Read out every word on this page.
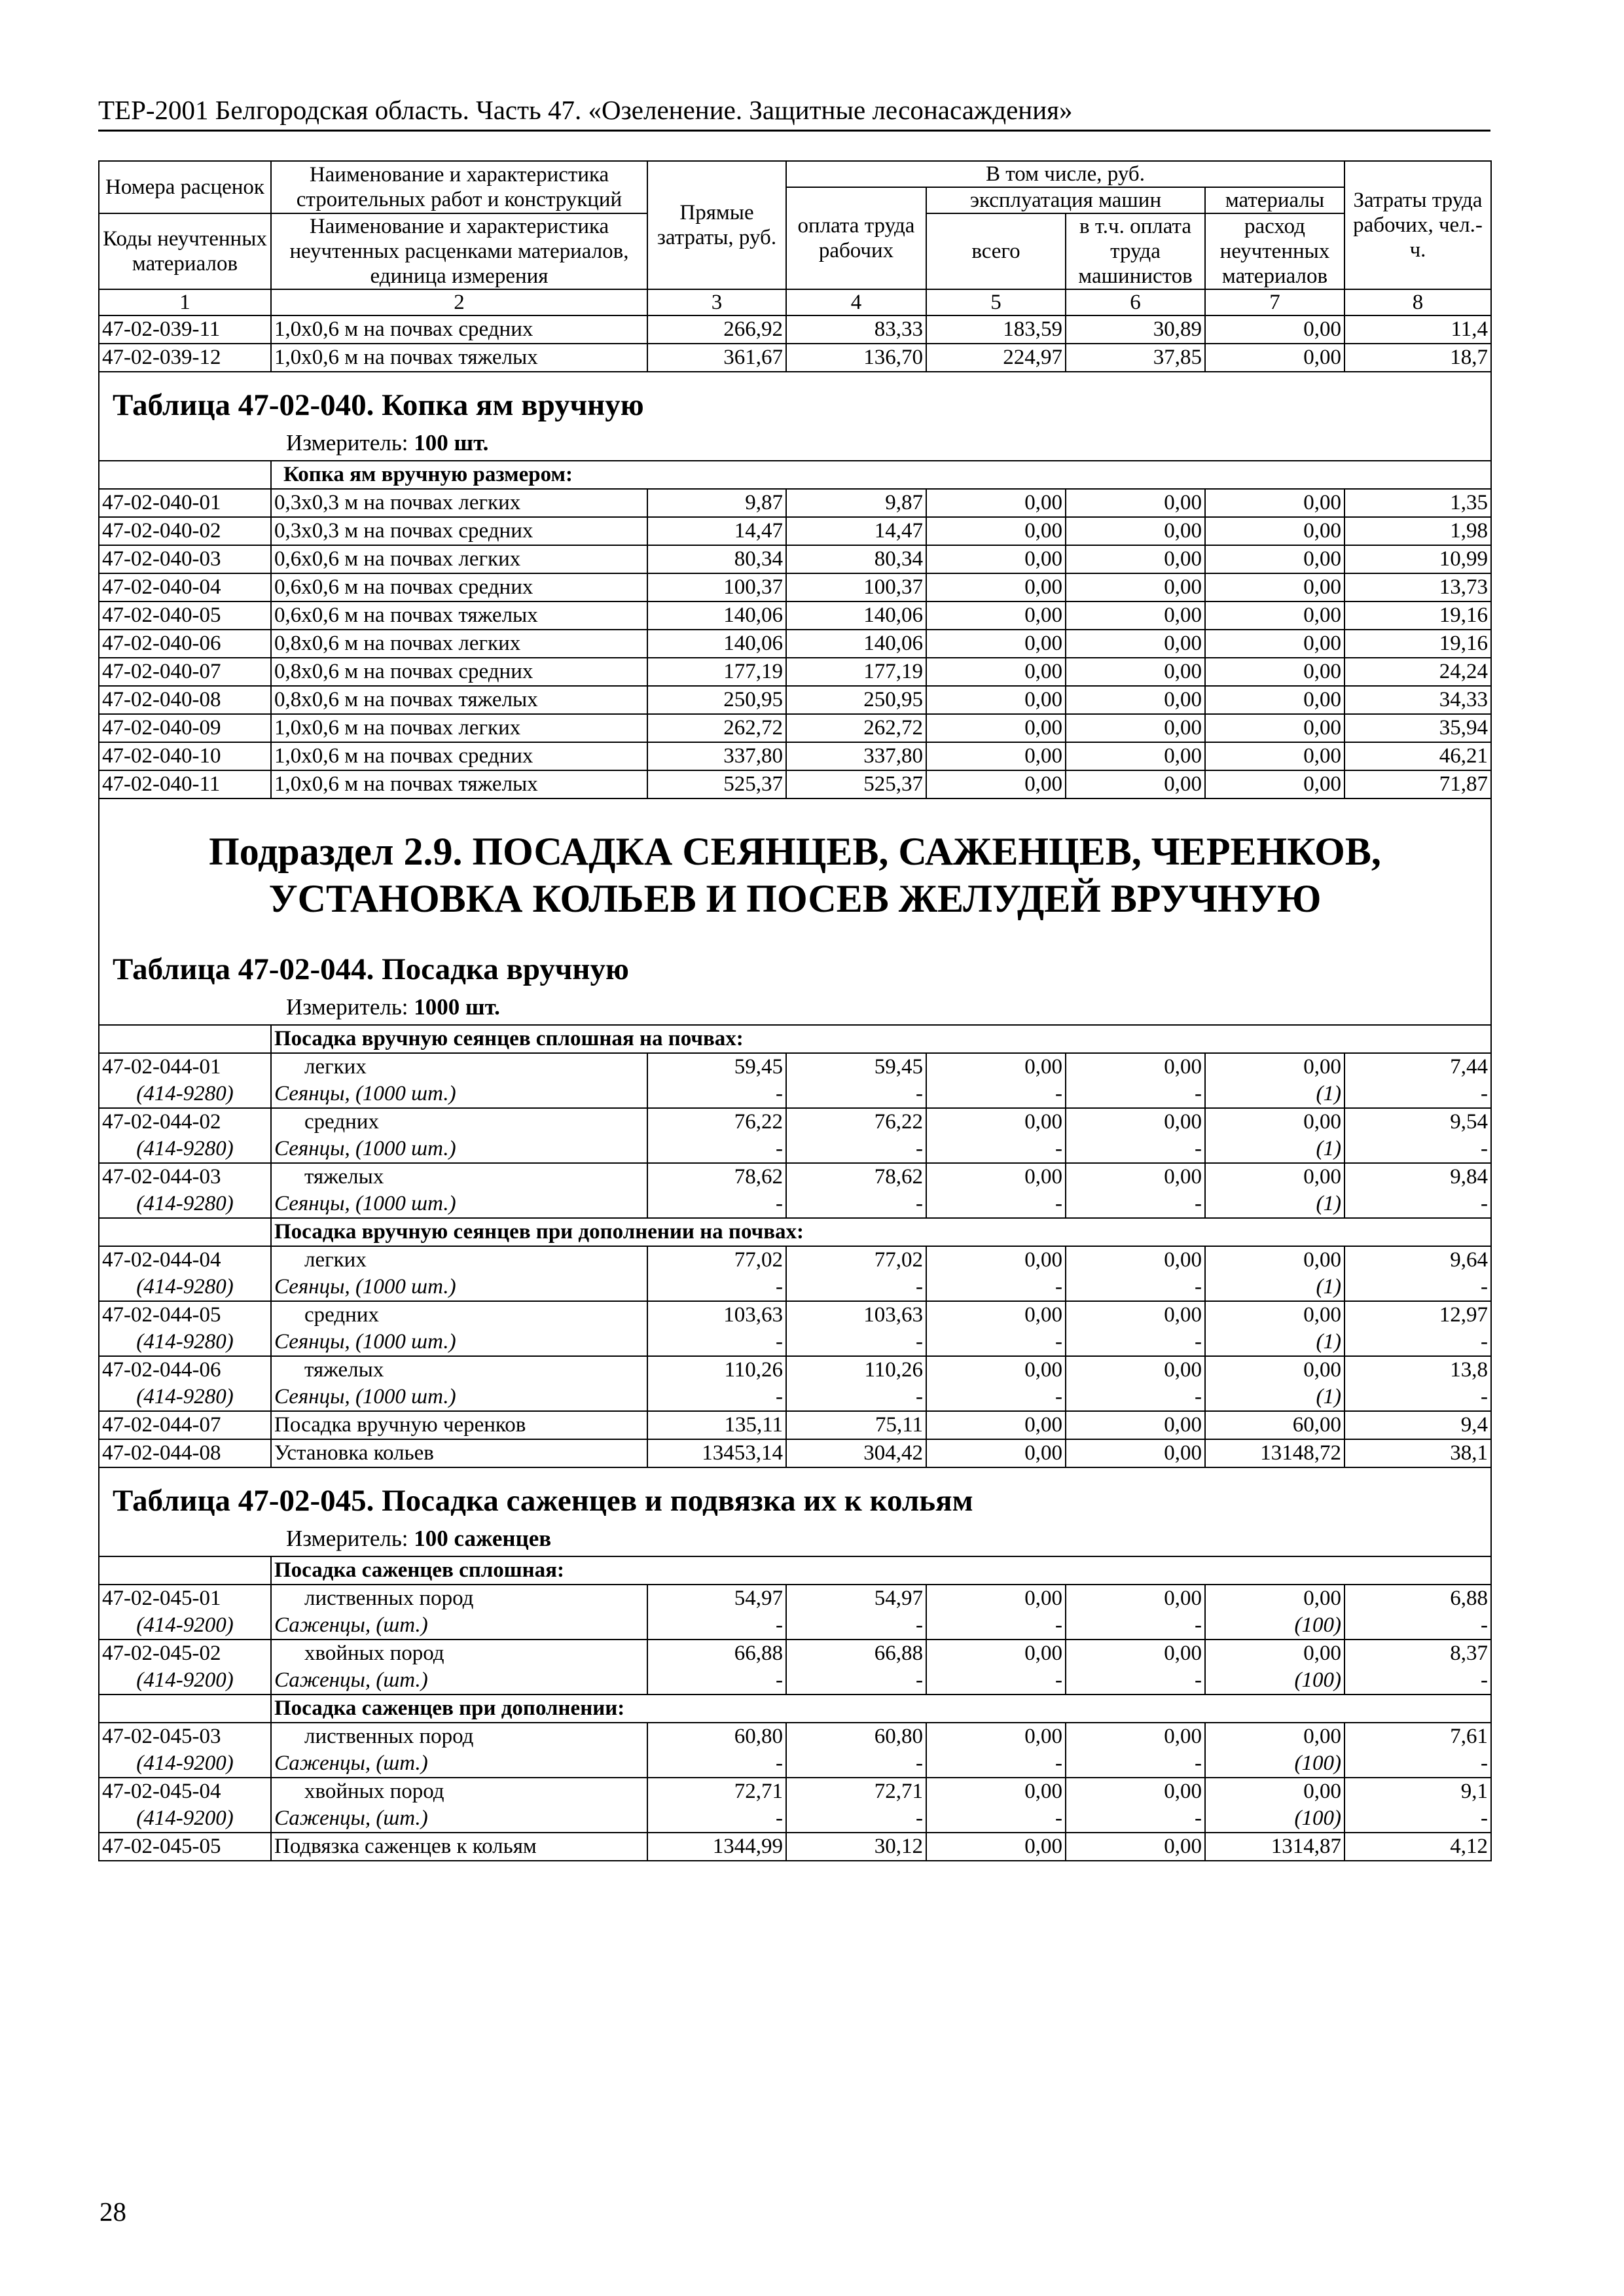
ТЕР-2001 Белгородская область. Часть 47. «Озеленение. Защитные лесонасаждения»
Номера расценок	Наименование и характеристика строительных работ и конструкций	Прямые затраты, руб.	В том числе, руб.				Затраты труда рабочих, чел.-ч.
			оплата труда рабочих	эксплуатация машин		материалы	
Коды неучтенных материалов	Наименование и характеристика неучтенных расценками материалов, единица измерения			всего	в т.ч. оплата труда машинистов	расход неучтенных материалов	

1	2	3	4	5	6	7	8
47-02-039-11	1,0х0,6 м на почвах средних	266,92	83,33	183,59	30,89	0,00	11,4
47-02-039-12	1,0х0,6 м на почвах тяжелых	361,67	136,70	224,97	37,85	0,00	18,7

Таблица 47-02-040. Копка ям вручную
Измеритель: 100 шт.							

	Копка ям вручную размером:						
47-02-040-01	0,3х0,3 м на почвах легких	9,87	9,87	0,00	0,00	0,00	1,35
47-02-040-02	0,3х0,3 м на почвах средних	14,47	14,47	0,00	0,00	0,00	1,98
47-02-040-03	0,6х0,6 м на почвах легких	80,34	80,34	0,00	0,00	0,00	10,99
47-02-040-04	0,6х0,6 м на почвах средних	100,37	100,37	0,00	0,00	0,00	13,73
47-02-040-05	0,6х0,6 м на почвах тяжелых	140,06	140,06	0,00	0,00	0,00	19,16
47-02-040-06	0,8х0,6 м на почвах легких	140,06	140,06	0,00	0,00	0,00	19,16
47-02-040-07	0,8х0,6 м на почвах средних	177,19	177,19	0,00	0,00	0,00	24,24
47-02-040-08	0,8х0,6 м на почвах тяжелых	250,95	250,95	0,00	0,00	0,00	34,33
47-02-040-09	1,0х0,6 м на почвах легких	262,72	262,72	0,00	0,00	0,00	35,94
47-02-040-10	1,0х0,6 м на почвах средних	337,80	337,80	0,00	0,00	0,00	46,21
47-02-040-11	1,0х0,6 м на почвах тяжелых	525,37	525,37	0,00	0,00	0,00	71,87

Подраздел 2.9. ПОСАДКА СЕЯНЦЕВ, САЖЕНЦЕВ, ЧЕРЕНКОВ,
УСТАНОВКА КОЛЬЕВ И ПОСЕВ ЖЕЛУДЕЙ ВРУЧНУЮ
Таблица 47-02-044. Посадка вручную
Измеритель: 1000 шт.							

	Посадка вручную сеянцев сплошная на почвах:						
47-02-044-01	легких	59,45	59,45	0,00	0,00	0,00	7,44
(414-9280)	Сеянцы, (1000 шт.)	-	-	-	-	(1)	-
47-02-044-02	средних	76,22	76,22	0,00	0,00	0,00	9,54
(414-9280)	Сеянцы, (1000 шт.)	-	-	-	-	(1)	-
47-02-044-03	тяжелых	78,62	78,62	0,00	0,00	0,00	9,84
(414-9280)	Сеянцы, (1000 шт.)	-	-	-	-	(1)	-
	Посадка вручную сеянцев при дополнении на почвах:						
47-02-044-04	легких	77,02	77,02	0,00	0,00	0,00	9,64
(414-9280)	Сеянцы, (1000 шт.)	-	-	-	-	(1)	-
47-02-044-05	средних	103,63	103,63	0,00	0,00	0,00	12,97
(414-9280)	Сеянцы, (1000 шт.)	-	-	-	-	(1)	-
47-02-044-06	тяжелых	110,26	110,26	0,00	0,00	0,00	13,8
(414-9280)	Сеянцы, (1000 шт.)	-	-	-	-	(1)	-
47-02-044-07	Посадка вручную черенков	135,11	75,11	0,00	0,00	60,00	9,4
47-02-044-08	Установка кольев	13453,14	304,42	0,00	0,00	13148,72	38,1

Таблица 47-02-045. Посадка саженцев и подвязка их к кольям
Измеритель: 100 саженцев							

	Посадка саженцев сплошная:						
47-02-045-01	лиственных пород	54,97	54,97	0,00	0,00	0,00	6,88
(414-9200)	Саженцы, (шт.)	-	-	-	-	(100)	-
47-02-045-02	хвойных пород	66,88	66,88	0,00	0,00	0,00	8,37
(414-9200)	Саженцы, (шт.)	-	-	-	-	(100)	-
	Посадка саженцев при дополнении:						
47-02-045-03	лиственных пород	60,80	60,80	0,00	0,00	0,00	7,61
(414-9200)	Саженцы, (шт.)	-	-	-	-	(100)	-
47-02-045-04	хвойных пород	72,71	72,71	0,00	0,00	0,00	9,1
(414-9200)	Саженцы, (шт.)	-	-	-	-	(100)	-
47-02-045-05	Подвязка саженцев к кольям	1344,99	30,12	0,00	0,00	1314,87	4,12
28
